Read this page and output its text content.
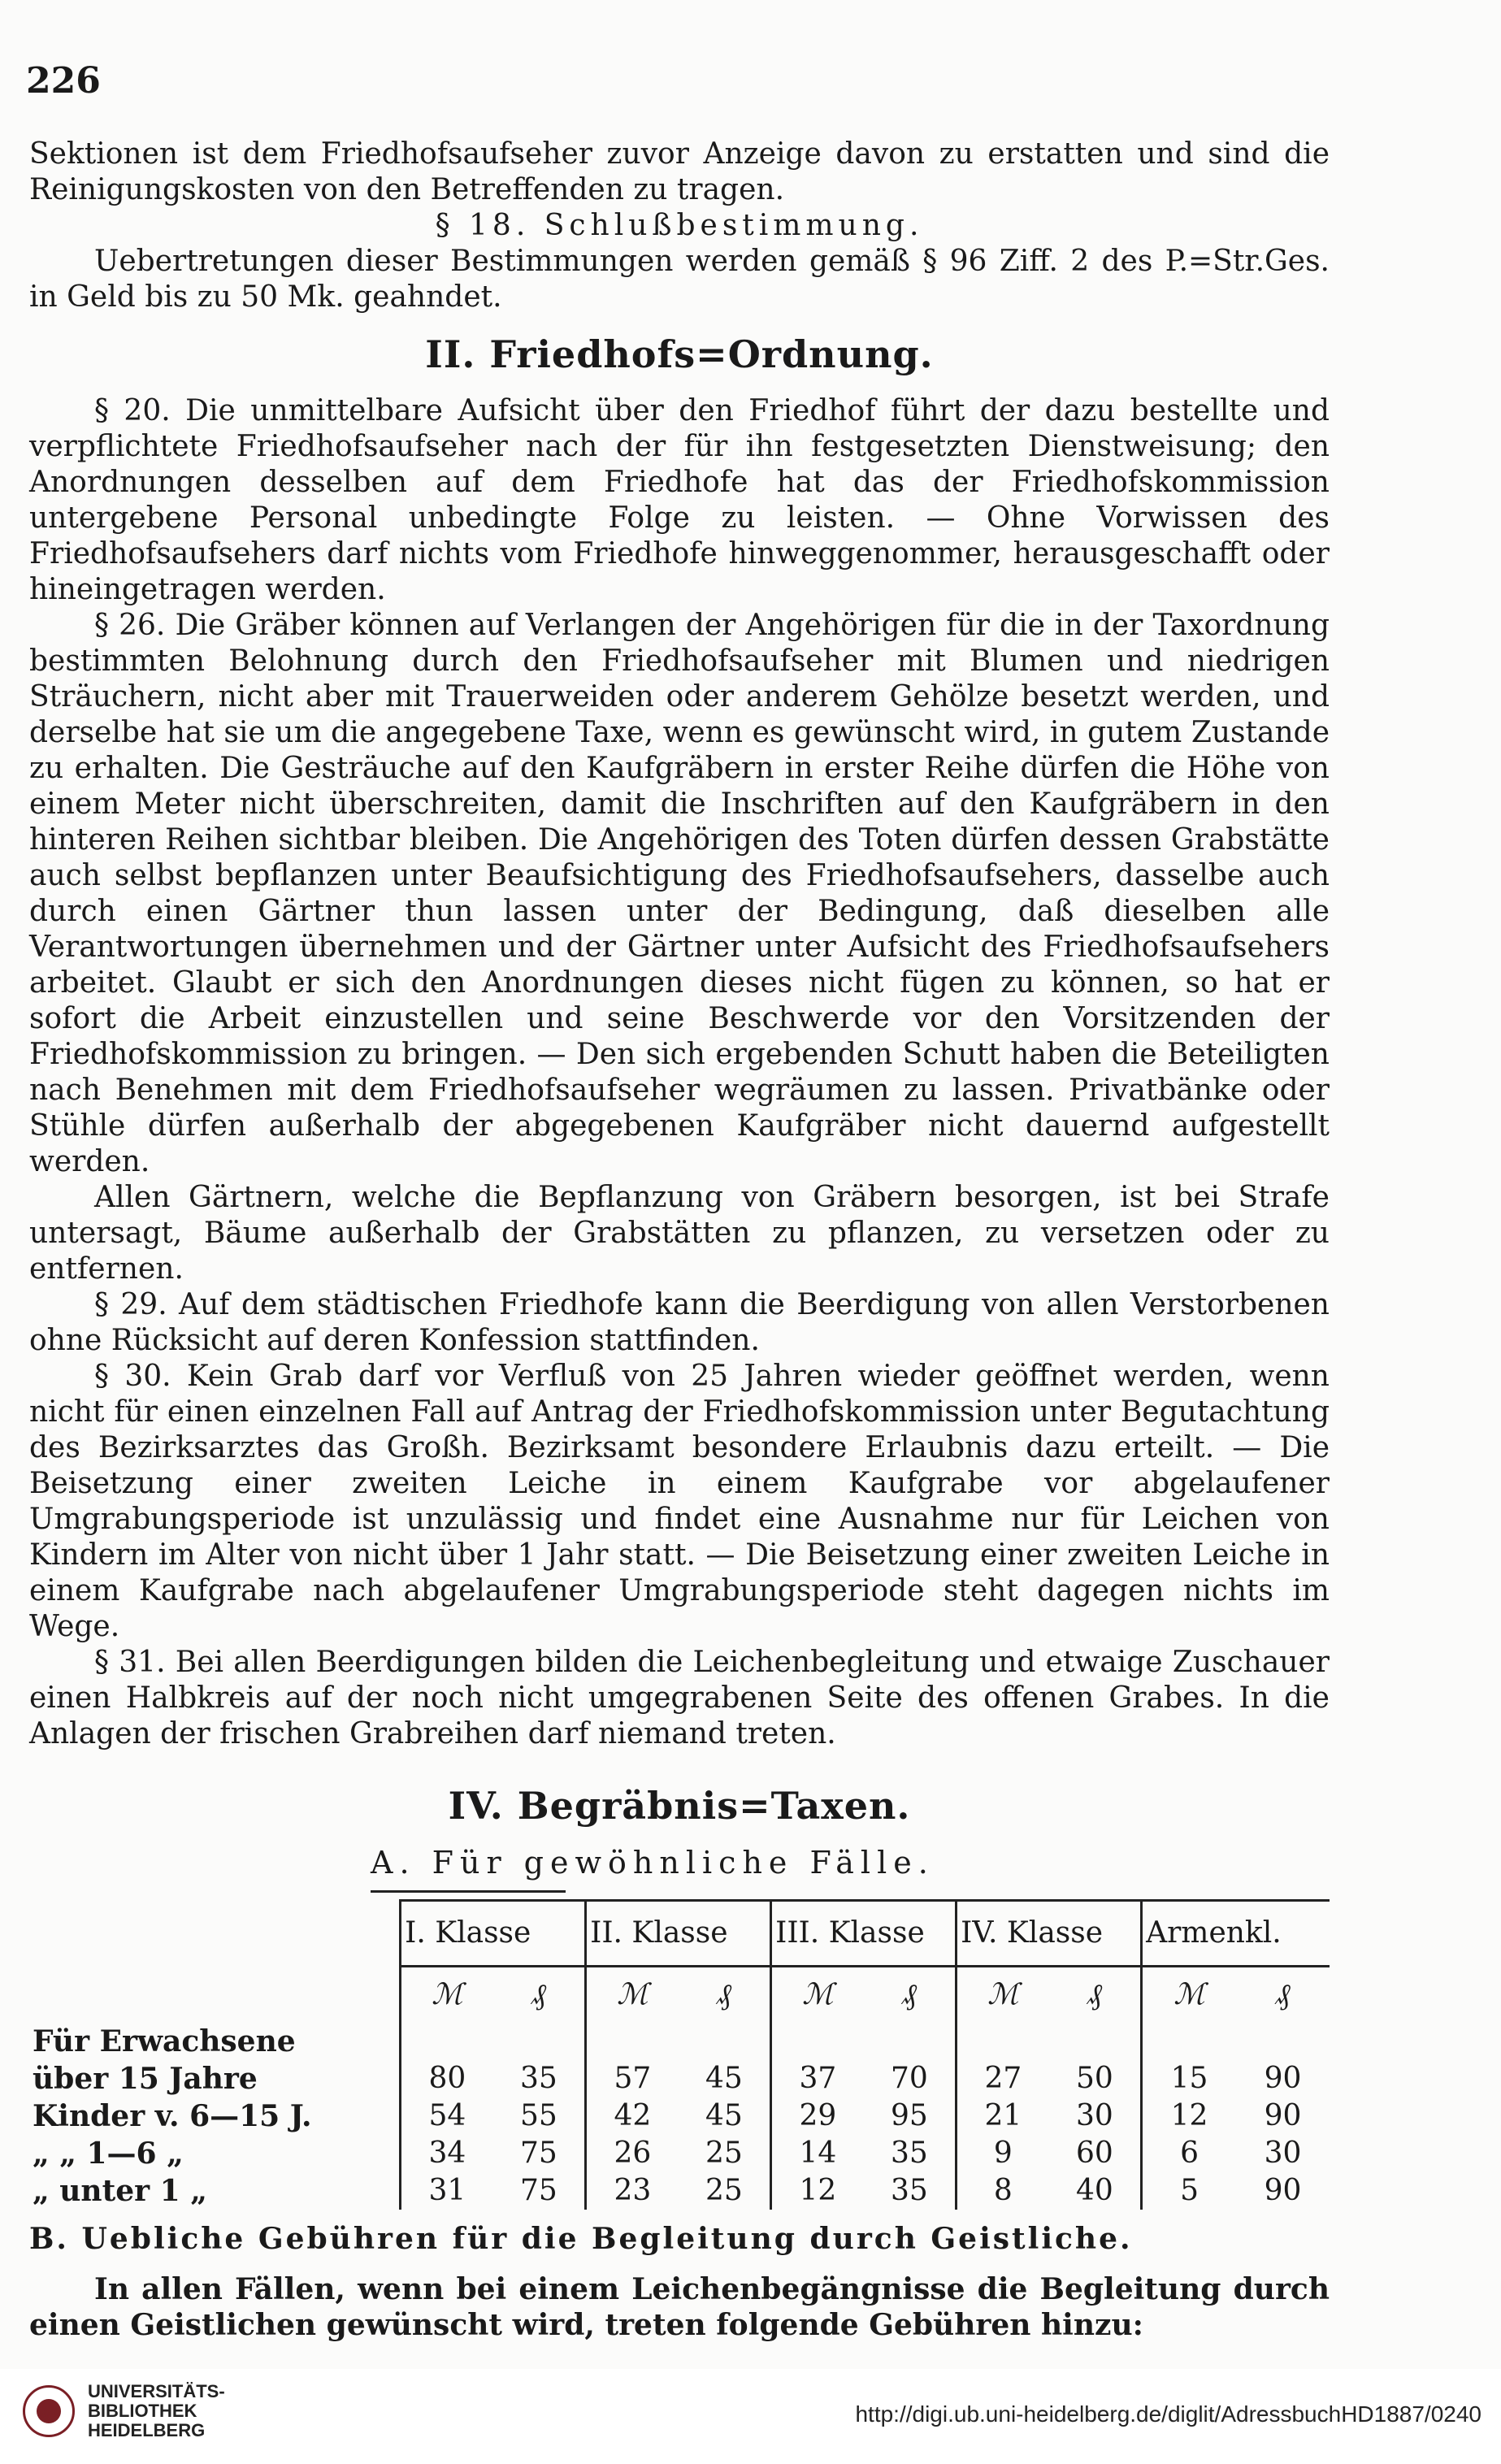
226

Sektionen ist dem Friedhofsaufseher zuvor Anzeige davon zu erstatten und sind die Reinigungskosten von den Betreffenden zu tragen.

§ 18. Schlußbestimmung.

Uebertretungen dieser Bestimmungen werden gemäß § 96 Ziff. 2 des P.=Str.Ges. in Geld bis zu 50 Mk. geahndet.

II. Friedhofs=Ordnung.

§ 20. Die unmittelbare Aufsicht über den Friedhof führt der dazu bestellte und verpflichtete Friedhofsaufseher nach der für ihn festgesetzten Dienstweisung; den Anordnungen desselben auf dem Friedhofe hat das der Friedhofskommission untergebene Personal unbedingte Folge zu leisten. — Ohne Vorwissen des Friedhofsaufsehers darf nichts vom Friedhofe hinweggenommer, herausgeschafft oder hineingetragen werden.

§ 26. Die Gräber können auf Verlangen der Angehörigen für die in der Taxordnung bestimmten Belohnung durch den Friedhofsaufseher mit Blumen und niedrigen Sträuchern, nicht aber mit Trauerweiden oder anderem Gehölze besetzt werden, und derselbe hat sie um die angegebene Taxe, wenn es gewünscht wird, in gutem Zustande zu erhalten. Die Gesträuche auf den Kaufgräbern in erster Reihe dürfen die Höhe von einem Meter nicht überschreiten, damit die Inschriften auf den Kaufgräbern in den hinteren Reihen sichtbar bleiben. Die Angehörigen des Toten dürfen dessen Grabstätte auch selbst bepflanzen unter Beaufsichtigung des Friedhofsaufsehers, dasselbe auch durch einen Gärtner thun lassen unter der Bedingung, daß dieselben alle Verantwortungen übernehmen und der Gärtner unter Aufsicht des Friedhofsaufsehers arbeitet. Glaubt er sich den Anordnungen dieses nicht fügen zu können, so hat er sofort die Arbeit einzustellen und seine Beschwerde vor den Vorsitzenden der Friedhofskommission zu bringen. — Den sich ergebenden Schutt haben die Beteiligten nach Benehmen mit dem Friedhofsaufseher wegräumen zu lassen. Privatbänke oder Stühle dürfen außerhalb der abgegebenen Kaufgräber nicht dauernd aufgestellt werden.

Allen Gärtnern, welche die Bepflanzung von Gräbern besorgen, ist bei Strafe untersagt, Bäume außerhalb der Grabstätten zu pflanzen, zu versetzen oder zu entfernen.

§ 29. Auf dem städtischen Friedhofe kann die Beerdigung von allen Verstorbenen ohne Rücksicht auf deren Konfession stattfinden.

§ 30. Kein Grab darf vor Verfluß von 25 Jahren wieder geöffnet werden, wenn nicht für einen einzelnen Fall auf Antrag der Friedhofskommission unter Begutachtung des Bezirksarztes das Großh. Bezirksamt besondere Erlaubnis dazu erteilt. — Die Beisetzung einer zweiten Leiche in einem Kaufgrabe vor abgelaufener Umgrabungsperiode ist unzulässig und findet eine Ausnahme nur für Leichen von Kindern im Alter von nicht über 1 Jahr statt. — Die Beisetzung einer zweiten Leiche in einem Kaufgrabe nach abgelaufener Umgrabungsperiode steht dagegen nichts im Wege.

§ 31. Bei allen Beerdigungen bilden die Leichenbegleitung und etwaige Zuschauer einen Halbkreis auf der noch nicht umgegrabenen Seite des offenen Grabes. In die Anlagen der frischen Grabreihen darf niemand treten.

IV. Begräbnis=Taxen.
A. Für gewöhnliche Fälle.
	I. Klasse		II. Klasse		III. Klasse		IV. Klasse		Armenkl.	
	ℳ	₰	ℳ	₰	ℳ	₰	ℳ	₰	ℳ	₰
Für Erwachsene										
über 15 Jahre	80	35	57	45	37	70	27	50	15	90
Kinder v. 6—15 J.	54	55	42	45	29	95	21	30	12	90
„ „ 1—6 „	34	75	26	25	14	35	9	60	6	30
„ unter 1 „	31	75	23	25	12	35	8	40	5	90

B. Uebliche Gebühren für die Begleitung durch Geistliche.

In allen Fällen, wenn bei einem Leichenbegängnisse die Begleitung durch einen Geistlichen gewünscht wird, treten folgende Gebühren hinzu:

UNIVERSITÄTS-
BIBLIOTHEK
HEIDELBERG
http://digi.ub.uni-heidelberg.de/diglit/AdressbuchHD1887/0240
